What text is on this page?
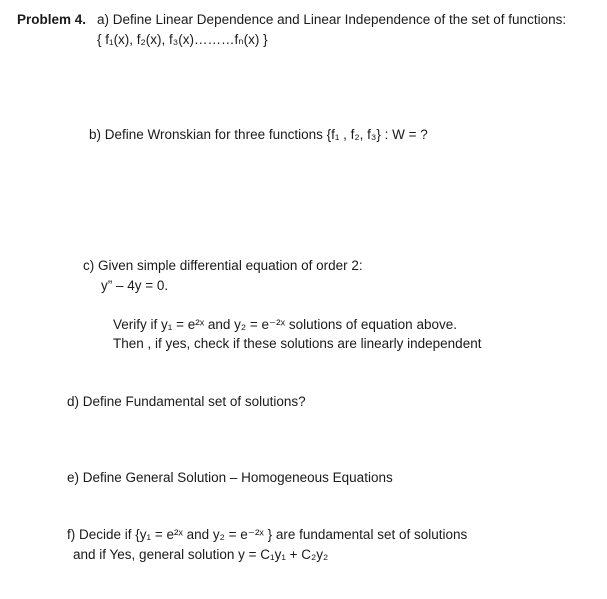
Problem 4. a) Define Linear Dependence and Linear Independence of the set of functions:
{ f₁(x), f₂(x), f₃(x)………fₙ(x) }
b) Define Wronskian for three functions {f₁ , f₂, f₃} : W = ?
c) Given simple differential equation of order 2:
y” – 4y = 0.
Verify if y₁ = e²ˣ and y₂ = e⁻²ˣ solutions of equation above.
Then , if yes, check if these solutions are linearly independent
d) Define Fundamental set of solutions?
e) Define General Solution – Homogeneous Equations
f) Decide if {y₁ = e²ˣ and y₂ = e⁻²ˣ } are fundamental set of solutions
and if Yes, general solution y = C₁y₁ + C₂y₂
